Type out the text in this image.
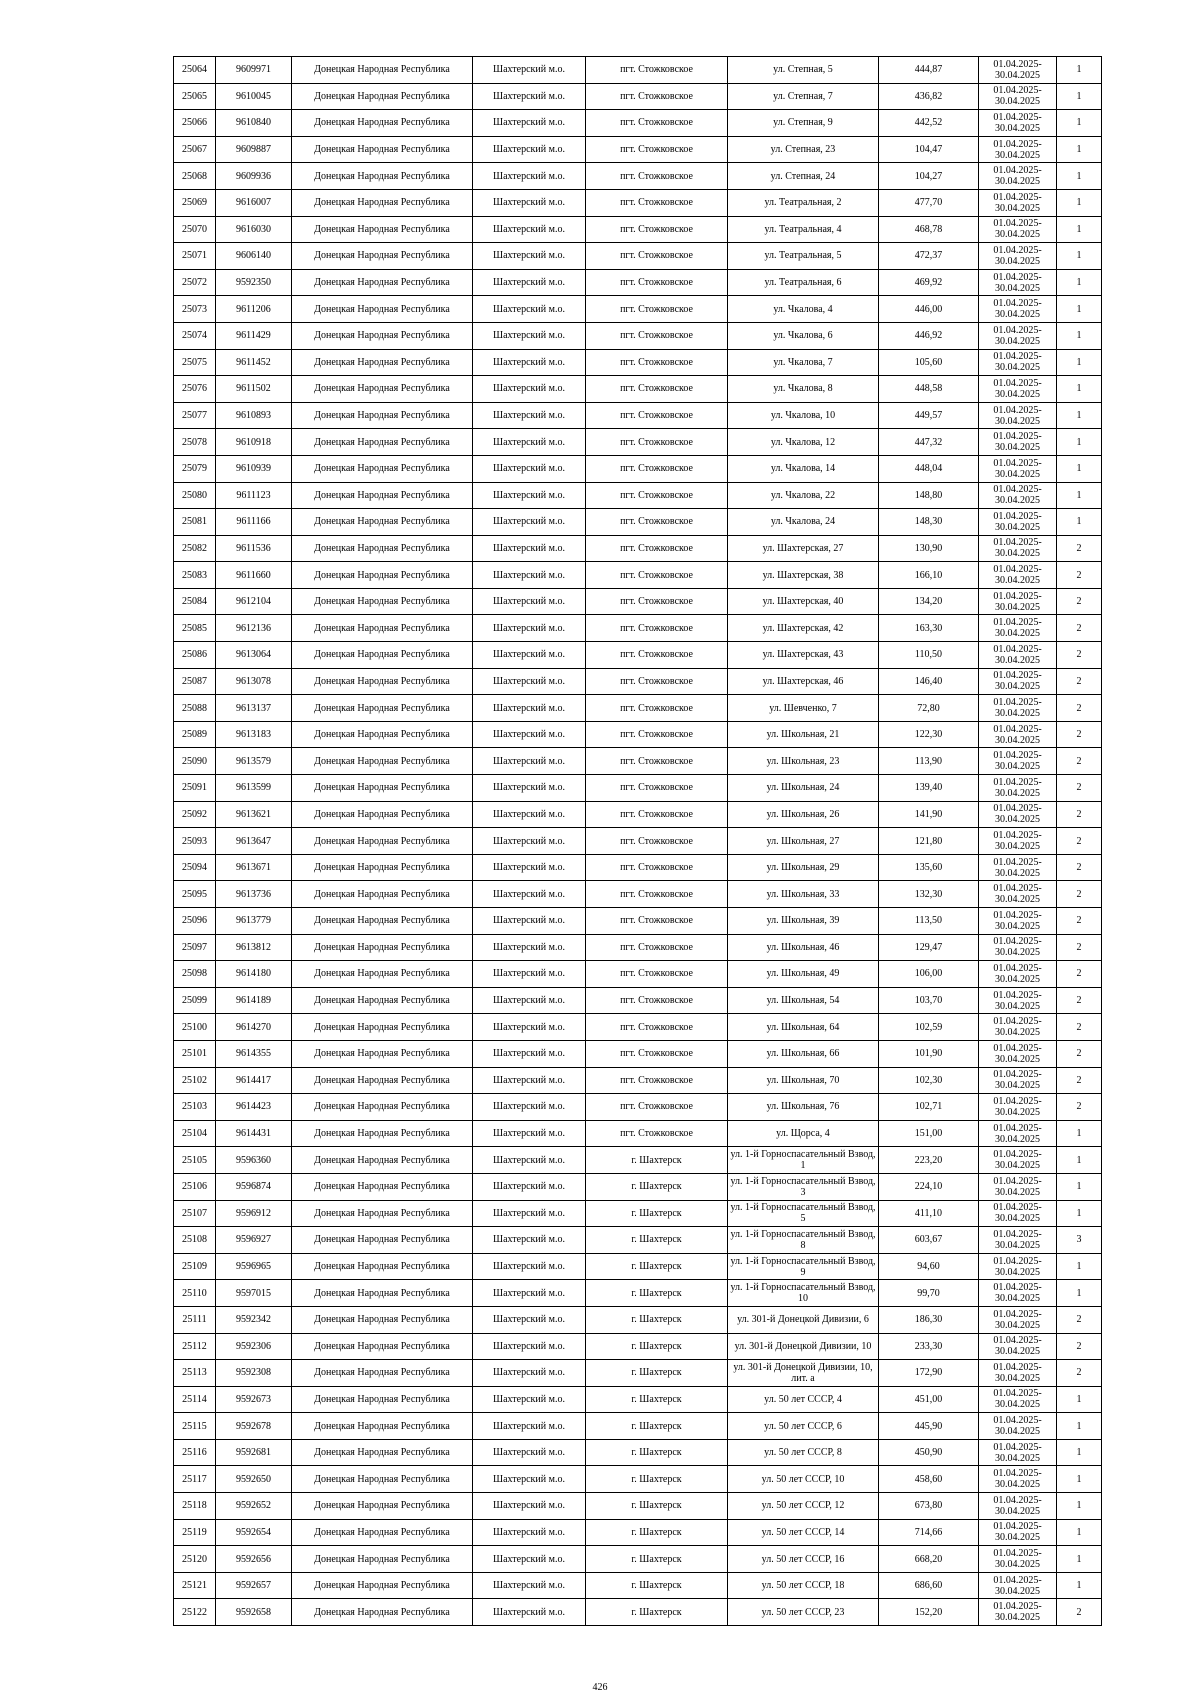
25064	9609971	Донецкая Народная Республика	Шахтерский м.о.	пгт. Стожковское	ул. Степная, 5	444,87	01.04.2025-30.04.2025	1
25065	9610045	Донецкая Народная Республика	Шахтерский м.о.	пгт. Стожковское	ул. Степная, 7	436,82	01.04.2025-30.04.2025	1
25066	9610840	Донецкая Народная Республика	Шахтерский м.о.	пгт. Стожковское	ул. Степная, 9	442,52	01.04.2025-30.04.2025	1
25067	9609887	Донецкая Народная Республика	Шахтерский м.о.	пгт. Стожковское	ул. Степная, 23	104,47	01.04.2025-30.04.2025	1
25068	9609936	Донецкая Народная Республика	Шахтерский м.о.	пгт. Стожковское	ул. Степная, 24	104,27	01.04.2025-30.04.2025	1
25069	9616007	Донецкая Народная Республика	Шахтерский м.о.	пгт. Стожковское	ул. Театральная, 2	477,70	01.04.2025-30.04.2025	1
25070	9616030	Донецкая Народная Республика	Шахтерский м.о.	пгт. Стожковское	ул. Театральная, 4	468,78	01.04.2025-30.04.2025	1
25071	9606140	Донецкая Народная Республика	Шахтерский м.о.	пгт. Стожковское	ул. Театральная, 5	472,37	01.04.2025-30.04.2025	1
25072	9592350	Донецкая Народная Республика	Шахтерский м.о.	пгт. Стожковское	ул. Театральная, 6	469,92	01.04.2025-30.04.2025	1
25073	9611206	Донецкая Народная Республика	Шахтерский м.о.	пгт. Стожковское	ул. Чкалова, 4	446,00	01.04.2025-30.04.2025	1
25074	9611429	Донецкая Народная Республика	Шахтерский м.о.	пгт. Стожковское	ул. Чкалова, 6	446,92	01.04.2025-30.04.2025	1
25075	9611452	Донецкая Народная Республика	Шахтерский м.о.	пгт. Стожковское	ул. Чкалова, 7	105,60	01.04.2025-30.04.2025	1
25076	9611502	Донецкая Народная Республика	Шахтерский м.о.	пгт. Стожковское	ул. Чкалова, 8	448,58	01.04.2025-30.04.2025	1
25077	9610893	Донецкая Народная Республика	Шахтерский м.о.	пгт. Стожковское	ул. Чкалова, 10	449,57	01.04.2025-30.04.2025	1
25078	9610918	Донецкая Народная Республика	Шахтерский м.о.	пгт. Стожковское	ул. Чкалова, 12	447,32	01.04.2025-30.04.2025	1
25079	9610939	Донецкая Народная Республика	Шахтерский м.о.	пгт. Стожковское	ул. Чкалова, 14	448,04	01.04.2025-30.04.2025	1
25080	9611123	Донецкая Народная Республика	Шахтерский м.о.	пгт. Стожковское	ул. Чкалова, 22	148,80	01.04.2025-30.04.2025	1
25081	9611166	Донецкая Народная Республика	Шахтерский м.о.	пгт. Стожковское	ул. Чкалова, 24	148,30	01.04.2025-30.04.2025	1
25082	9611536	Донецкая Народная Республика	Шахтерский м.о.	пгт. Стожковское	ул. Шахтерская, 27	130,90	01.04.2025-30.04.2025	2
25083	9611660	Донецкая Народная Республика	Шахтерский м.о.	пгт. Стожковское	ул. Шахтерская, 38	166,10	01.04.2025-30.04.2025	2
25084	9612104	Донецкая Народная Республика	Шахтерский м.о.	пгт. Стожковское	ул. Шахтерская, 40	134,20	01.04.2025-30.04.2025	2
25085	9612136	Донецкая Народная Республика	Шахтерский м.о.	пгт. Стожковское	ул. Шахтерская, 42	163,30	01.04.2025-30.04.2025	2
25086	9613064	Донецкая Народная Республика	Шахтерский м.о.	пгт. Стожковское	ул. Шахтерская, 43	110,50	01.04.2025-30.04.2025	2
25087	9613078	Донецкая Народная Республика	Шахтерский м.о.	пгт. Стожковское	ул. Шахтерская, 46	146,40	01.04.2025-30.04.2025	2
25088	9613137	Донецкая Народная Республика	Шахтерский м.о.	пгт. Стожковское	ул. Шевченко, 7	72,80	01.04.2025-30.04.2025	2
25089	9613183	Донецкая Народная Республика	Шахтерский м.о.	пгт. Стожковское	ул. Школьная, 21	122,30	01.04.2025-30.04.2025	2
25090	9613579	Донецкая Народная Республика	Шахтерский м.о.	пгт. Стожковское	ул. Школьная, 23	113,90	01.04.2025-30.04.2025	2
25091	9613599	Донецкая Народная Республика	Шахтерский м.о.	пгт. Стожковское	ул. Школьная, 24	139,40	01.04.2025-30.04.2025	2
25092	9613621	Донецкая Народная Республика	Шахтерский м.о.	пгт. Стожковское	ул. Школьная, 26	141,90	01.04.2025-30.04.2025	2
25093	9613647	Донецкая Народная Республика	Шахтерский м.о.	пгт. Стожковское	ул. Школьная, 27	121,80	01.04.2025-30.04.2025	2
25094	9613671	Донецкая Народная Республика	Шахтерский м.о.	пгт. Стожковское	ул. Школьная, 29	135,60	01.04.2025-30.04.2025	2
25095	9613736	Донецкая Народная Республика	Шахтерский м.о.	пгт. Стожковское	ул. Школьная, 33	132,30	01.04.2025-30.04.2025	2
25096	9613779	Донецкая Народная Республика	Шахтерский м.о.	пгт. Стожковское	ул. Школьная, 39	113,50	01.04.2025-30.04.2025	2
25097	9613812	Донецкая Народная Республика	Шахтерский м.о.	пгт. Стожковское	ул. Школьная, 46	129,47	01.04.2025-30.04.2025	2
25098	9614180	Донецкая Народная Республика	Шахтерский м.о.	пгт. Стожковское	ул. Школьная, 49	106,00	01.04.2025-30.04.2025	2
25099	9614189	Донецкая Народная Республика	Шахтерский м.о.	пгт. Стожковское	ул. Школьная, 54	103,70	01.04.2025-30.04.2025	2
25100	9614270	Донецкая Народная Республика	Шахтерский м.о.	пгт. Стожковское	ул. Школьная, 64	102,59	01.04.2025-30.04.2025	2
25101	9614355	Донецкая Народная Республика	Шахтерский м.о.	пгт. Стожковское	ул. Школьная, 66	101,90	01.04.2025-30.04.2025	2
25102	9614417	Донецкая Народная Республика	Шахтерский м.о.	пгт. Стожковское	ул. Школьная, 70	102,30	01.04.2025-30.04.2025	2
25103	9614423	Донецкая Народная Республика	Шахтерский м.о.	пгт. Стожковское	ул. Школьная, 76	102,71	01.04.2025-30.04.2025	2
25104	9614431	Донецкая Народная Республика	Шахтерский м.о.	пгт. Стожковское	ул. Щорса, 4	151,00	01.04.2025-30.04.2025	1
25105	9596360	Донецкая Народная Республика	Шахтерский м.о.	г. Шахтерск	ул. 1-й Горноспасательный Взвод, 1	223,20	01.04.2025-30.04.2025	1
25106	9596874	Донецкая Народная Республика	Шахтерский м.о.	г. Шахтерск	ул. 1-й Горноспасательный Взвод, 3	224,10	01.04.2025-30.04.2025	1
25107	9596912	Донецкая Народная Республика	Шахтерский м.о.	г. Шахтерск	ул. 1-й Горноспасательный Взвод, 5	411,10	01.04.2025-30.04.2025	1
25108	9596927	Донецкая Народная Республика	Шахтерский м.о.	г. Шахтерск	ул. 1-й Горноспасательный Взвод, 8	603,67	01.04.2025-30.04.2025	3
25109	9596965	Донецкая Народная Республика	Шахтерский м.о.	г. Шахтерск	ул. 1-й Горноспасательный Взвод, 9	94,60	01.04.2025-30.04.2025	1
25110	9597015	Донецкая Народная Республика	Шахтерский м.о.	г. Шахтерск	ул. 1-й Горноспасательный Взвод, 10	99,70	01.04.2025-30.04.2025	1
25111	9592342	Донецкая Народная Республика	Шахтерский м.о.	г. Шахтерск	ул. 301-й Донецкой Дивизии, 6	186,30	01.04.2025-30.04.2025	2
25112	9592306	Донецкая Народная Республика	Шахтерский м.о.	г. Шахтерск	ул. 301-й Донецкой Дивизии, 10	233,30	01.04.2025-30.04.2025	2
25113	9592308	Донецкая Народная Республика	Шахтерский м.о.	г. Шахтерск	ул. 301-й Донецкой Дивизии, 10, лит. а	172,90	01.04.2025-30.04.2025	2
25114	9592673	Донецкая Народная Республика	Шахтерский м.о.	г. Шахтерск	ул. 50 лет СССР, 4	451,00	01.04.2025-30.04.2025	1
25115	9592678	Донецкая Народная Республика	Шахтерский м.о.	г. Шахтерск	ул. 50 лет СССР, 6	445,90	01.04.2025-30.04.2025	1
25116	9592681	Донецкая Народная Республика	Шахтерский м.о.	г. Шахтерск	ул. 50 лет СССР, 8	450,90	01.04.2025-30.04.2025	1
25117	9592650	Донецкая Народная Республика	Шахтерский м.о.	г. Шахтерск	ул. 50 лет СССР, 10	458,60	01.04.2025-30.04.2025	1
25118	9592652	Донецкая Народная Республика	Шахтерский м.о.	г. Шахтерск	ул. 50 лет СССР, 12	673,80	01.04.2025-30.04.2025	1
25119	9592654	Донецкая Народная Республика	Шахтерский м.о.	г. Шахтерск	ул. 50 лет СССР, 14	714,66	01.04.2025-30.04.2025	1
25120	9592656	Донецкая Народная Республика	Шахтерский м.о.	г. Шахтерск	ул. 50 лет СССР, 16	668,20	01.04.2025-30.04.2025	1
25121	9592657	Донецкая Народная Республика	Шахтерский м.о.	г. Шахтерск	ул. 50 лет СССР, 18	686,60	01.04.2025-30.04.2025	1
25122	9592658	Донецкая Народная Республика	Шахтерский м.о.	г. Шахтерск	ул. 50 лет СССР, 23	152,20	01.04.2025-30.04.2025	2
426
